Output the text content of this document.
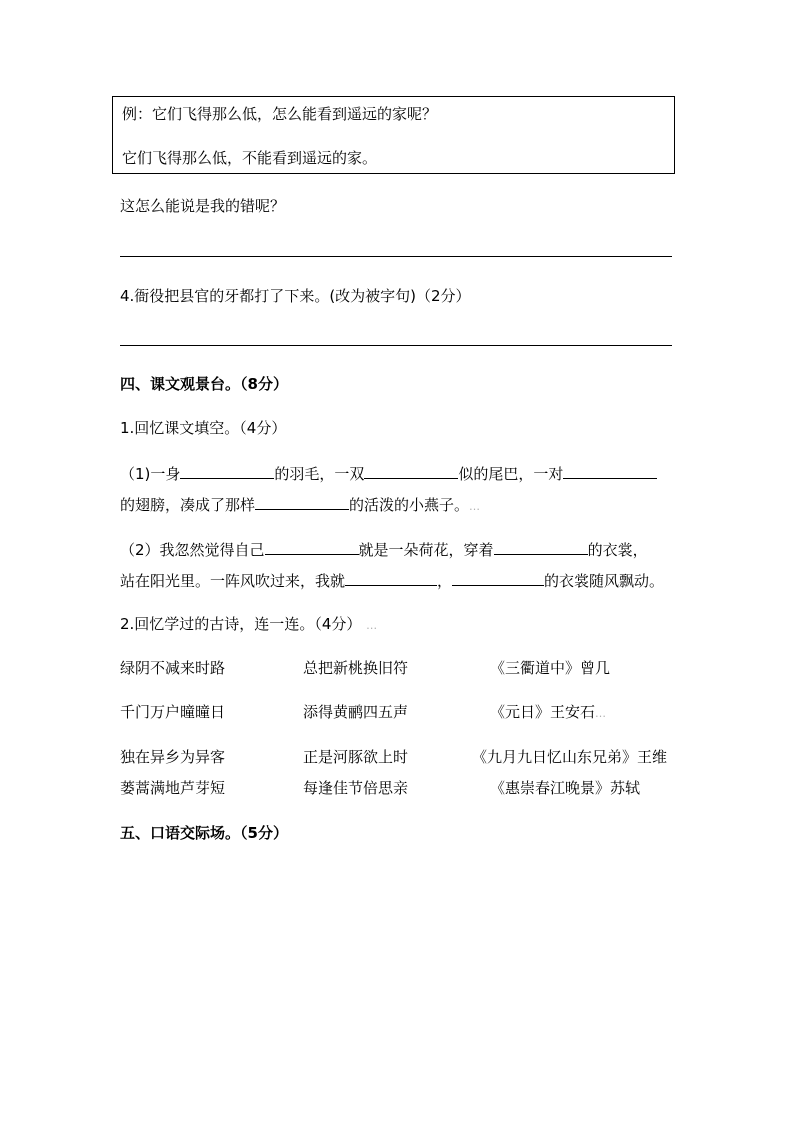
例：它们飞得那么低，怎么能看到遥远的家呢？
它们飞得那么低，不能看到遥远的家。
这怎么能说是我的错呢？
4.衙役把县官的牙都打了下来。(改为被字句)（2分）
四、课文观景台。（8分）
1.回忆课文填空。（4分）
（1)一身	的羽毛，一双	似的尾巴，一对
的翅膀，凑成了那样	的活泼的小燕子。…
（2）我忽然觉得自己	就是一朵荷花，穿着	的衣裳，
站在阳光里。一阵风吹过来，我就	，	的衣裳随风飘动。
2.回忆学过的古诗，连一连。（4分） …
绿阴不减来时路	总把新桃换旧符	《三衢道中》曾几
千门万户曈曈日	添得黄鹂四五声	《元日》王安石…
独在异乡为异客	正是河豚欲上时	《九月九日忆山东兄弟》王维
蒌蒿满地芦芽短	每逢佳节倍思亲	《惠崇春江晚景》苏轼
五、口语交际场。（5分）
